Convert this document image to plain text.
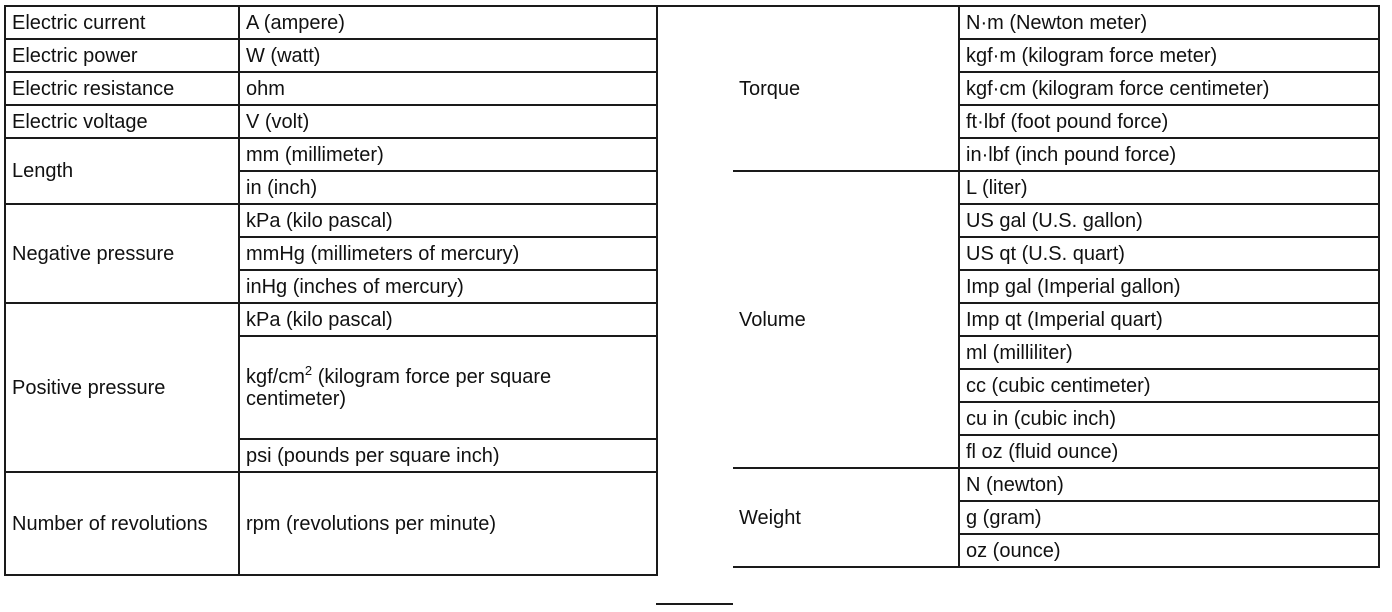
Electric current	A (ampere)
Electric power	W (watt)
Electric resistance	ohm
Electric voltage	V (volt)
Length	mm (millimeter)
	in (inch)
Negative pressure	kPa (kilo pascal)
	mmHg (millimeters of mercury)
	inHg (inches of mercury)
Positive pressure	kPa (kilo pascal)
	kgf/$cm^2$ (kilogram force per square centimeter)
	psi (pounds per square inch)
Number of revolutions	rpm (revolutions per minute)
Torque	N·m (Newton meter)
	kgf·m (kilogram force meter)
	kgf·cm (kilogram force centimeter)
	ft·lbf (foot pound force)
	in·lbf (inch pound force)
Volume	L (liter)
	US gal (U.S. gallon)
	US qt (U.S. quart)
	Imp gal (Imperial gallon)
	Imp qt (Imperial quart)
	ml (milliliter)
	cc (cubic centimeter)
	cu in (cubic inch)
	fl oz (fluid ounce)
Weight	N (newton)
	g (gram)
	oz (ounce)
